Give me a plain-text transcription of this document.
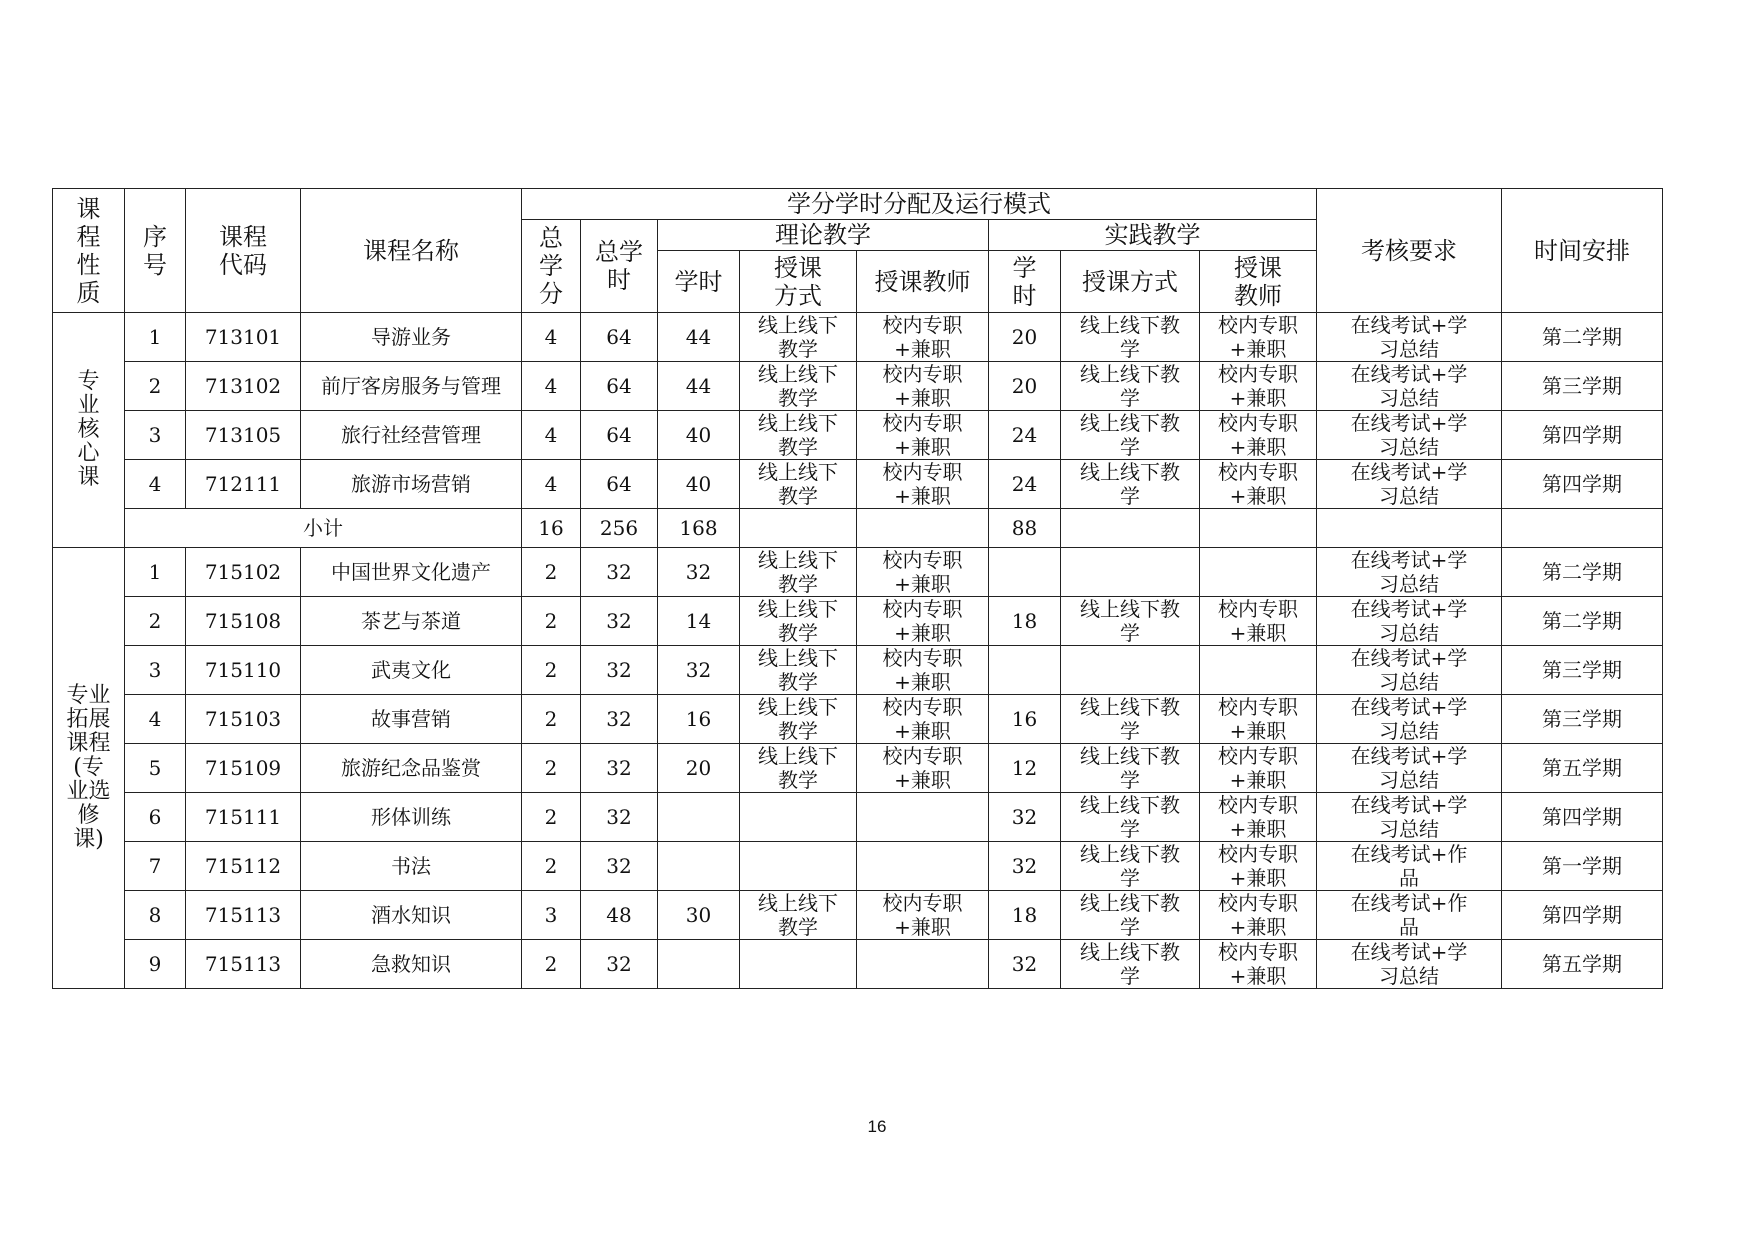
课程性质	序号	课程代码	课程名称	学分学时分配及运行模式								考核要求	时间安排
				总学分	总学时	理论教学			实践教学				
						学时	授课方式	授课教师	学时	授课方式	授课教师		
专业核心课	1	713101	导游业务	4	64	44	线上线下教学	校内专职+兼职	20	线上线下教学	校内专职+兼职	在线考试+学习总结	第二学期
	2	713102	前厅客房服务与管理	4	64	44	线上线下教学	校内专职+兼职	20	线上线下教学	校内专职+兼职	在线考试+学习总结	第三学期
	3	713105	旅行社经营管理	4	64	40	线上线下教学	校内专职+兼职	24	线上线下教学	校内专职+兼职	在线考试+学习总结	第四学期
	4	712111	旅游市场营销	4	64	40	线上线下教学	校内专职+兼职	24	线上线下教学	校内专职+兼职	在线考试+学习总结	第四学期
	小计			16	256	168			88				
专业拓展课程(专业选修课)	1	715102	中国世界文化遗产	2	32	32	线上线下教学	校内专职+兼职				在线考试+学习总结	第二学期
	2	715108	茶艺与茶道	2	32	14	线上线下教学	校内专职+兼职	18	线上线下教学	校内专职+兼职	在线考试+学习总结	第二学期
	3	715110	武夷文化	2	32	32	线上线下教学	校内专职+兼职				在线考试+学习总结	第三学期
	4	715103	故事营销	2	32	16	线上线下教学	校内专职+兼职	16	线上线下教学	校内专职+兼职	在线考试+学习总结	第三学期
	5	715109	旅游纪念品鉴赏	2	32	20	线上线下教学	校内专职+兼职	12	线上线下教学	校内专职+兼职	在线考试+学习总结	第五学期
	6	715111	形体训练	2	32				32	线上线下教学	校内专职+兼职	在线考试+学习总结	第四学期
	7	715112	书法	2	32				32	线上线下教学	校内专职+兼职	在线考试+作品	第一学期
	8	715113	酒水知识	3	48	30	线上线下教学	校内专职+兼职	18	线上线下教学	校内专职+兼职	在线考试+作品	第四学期
	9	715113	急救知识	2	32				32	线上线下教学	校内专职+兼职	在线考试+学习总结	第五学期
16
